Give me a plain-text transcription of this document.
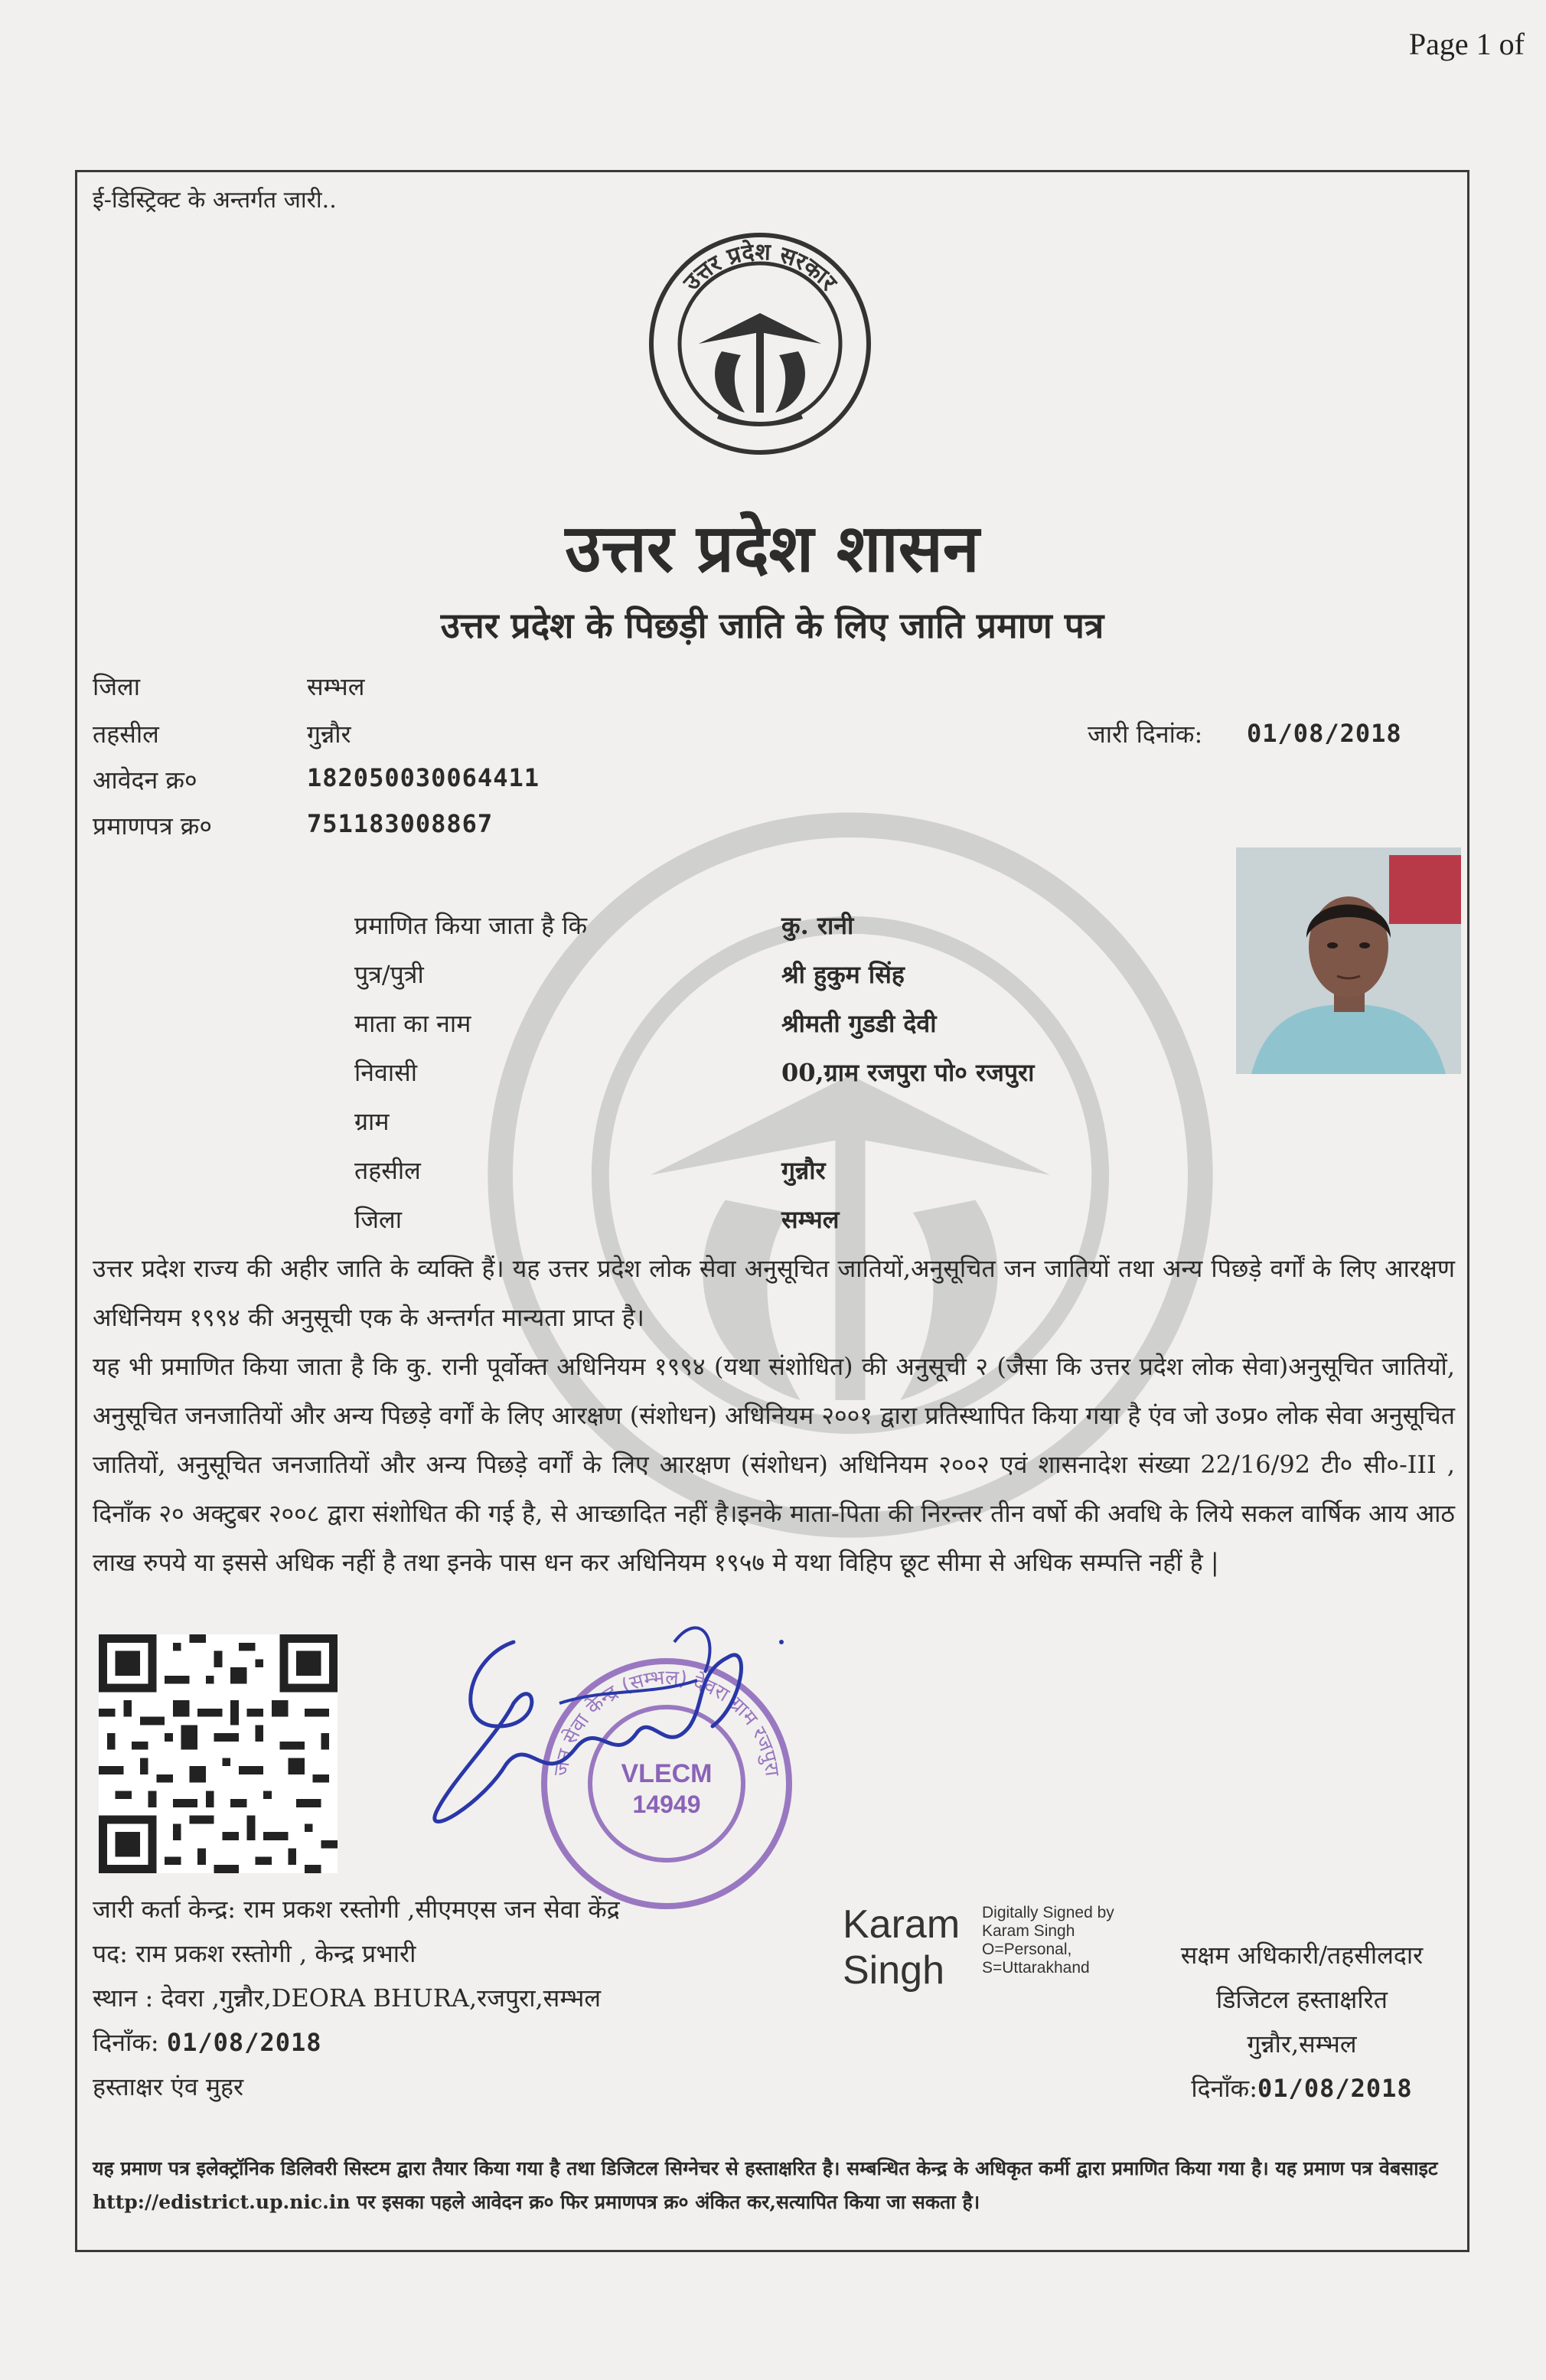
Page 1 of
ई-डिस्ट्रिक्ट के अन्तर्गत जारी..
उत्तर प्रदेश सरकार
उत्तर प्रदेश शासन
उत्तर प्रदेश के पिछड़ी जाति के लिए जाति प्रमाण पत्र
जिला	सम्भल
तहसील	गुन्नौर	जारी दिनांक: 01/08/2018
आवेदन क्र०	182050030064411
प्रमाणपत्र क्र०	751183008867
प्रमाणित किया जाता है कि	कु. रानी
पुत्र/पुत्री	श्री हुकुम सिंह
माता का नाम	श्रीमती गुडडी देवी
निवासी	00,ग्राम रजपुरा पो० रजपुरा
ग्राम
तहसील	गुन्नौर
जिला	सम्भल
उत्तर प्रदेश राज्य की अहीर जाति के व्यक्ति हैं। यह उत्तर प्रदेश लोक सेवा अनुसूचित जातियों,अनुसूचित जन जातियों तथा अन्य पिछड़े वर्गों के लिए आरक्षण अधिनियम १९९४ की अनुसूची एक के अन्तर्गत मान्यता प्राप्त है।
यह भी प्रमाणित किया जाता है कि कु. रानी पूर्वोक्त अधिनियम १९९४ (यथा संशोधित) की अनुसूची २ (जैसा कि उत्तर प्रदेश लोक सेवा)अनुसूचित जातियों, अनुसूचित जनजातियों और अन्य पिछड़े वर्गों के लिए आरक्षण (संशोधन) अधिनियम २००१ द्वारा प्रतिस्थापित किया गया है एंव जो उ०प्र० लोक सेवा अनुसूचित जातियों, अनुसूचित जनजातियों और अन्य पिछड़े वर्गों के लिए आरक्षण (संशोधन) अधिनियम २००२ एवं शासनादेश संख्या 22/16/92 टी० सी०-III , दिनाँक २० अक्टुबर २००८ द्वारा संशोधित की गई है, से आच्छादित नहीं है।इनके माता-पिता की निरन्तर तीन वर्षो की अवधि के लिये सकल वार्षिक आय आठ लाख रुपये या इससे अधिक नहीं है तथा इनके पास धन कर अधिनियम १९५७ मे यथा विहिप छूट सीमा से अधिक सम्पत्ति नहीं है |
जन सेवा केन्द्र (सम्भल) देवरा ग्राम रजपुरा
VLECM
14949
जारी कर्ता केन्द्र: राम प्रकश रस्तोगी ,सीएमएस जन सेवा केंद्र
पद: राम प्रकश रस्तोगी , केन्द्र प्रभारी
स्थान : देवरा ,गुन्नौर,DEORA BHURA,रजपुरा,सम्भल
दिनाँक: 01/08/2018
हस्ताक्षर एंव मुहर
Karam
Singh
Digitally Signed by
Karam Singh
O=Personal,
S=Uttarakhand	सक्षम अधिकारी/तहसीलदार
डिजिटल हस्ताक्षरित
गुन्नौर,सम्भल
दिनाँक:01/08/2018
यह प्रमाण पत्र इलेक्ट्रॉनिक डिलिवरी सिस्टम द्वारा तैयार किया गया है तथा डिजिटल सिग्नेचर से हस्ताक्षरित है। सम्बन्धित केन्द्र के अधिकृत कर्मी द्वारा प्रमाणित किया गया है। यह प्रमाण पत्र वेबसाइट http://edistrict.up.nic.in पर इसका पहले आवेदन क्र० फिर प्रमाणपत्र क्र० अंकित कर,सत्यापित किया जा सकता है।
